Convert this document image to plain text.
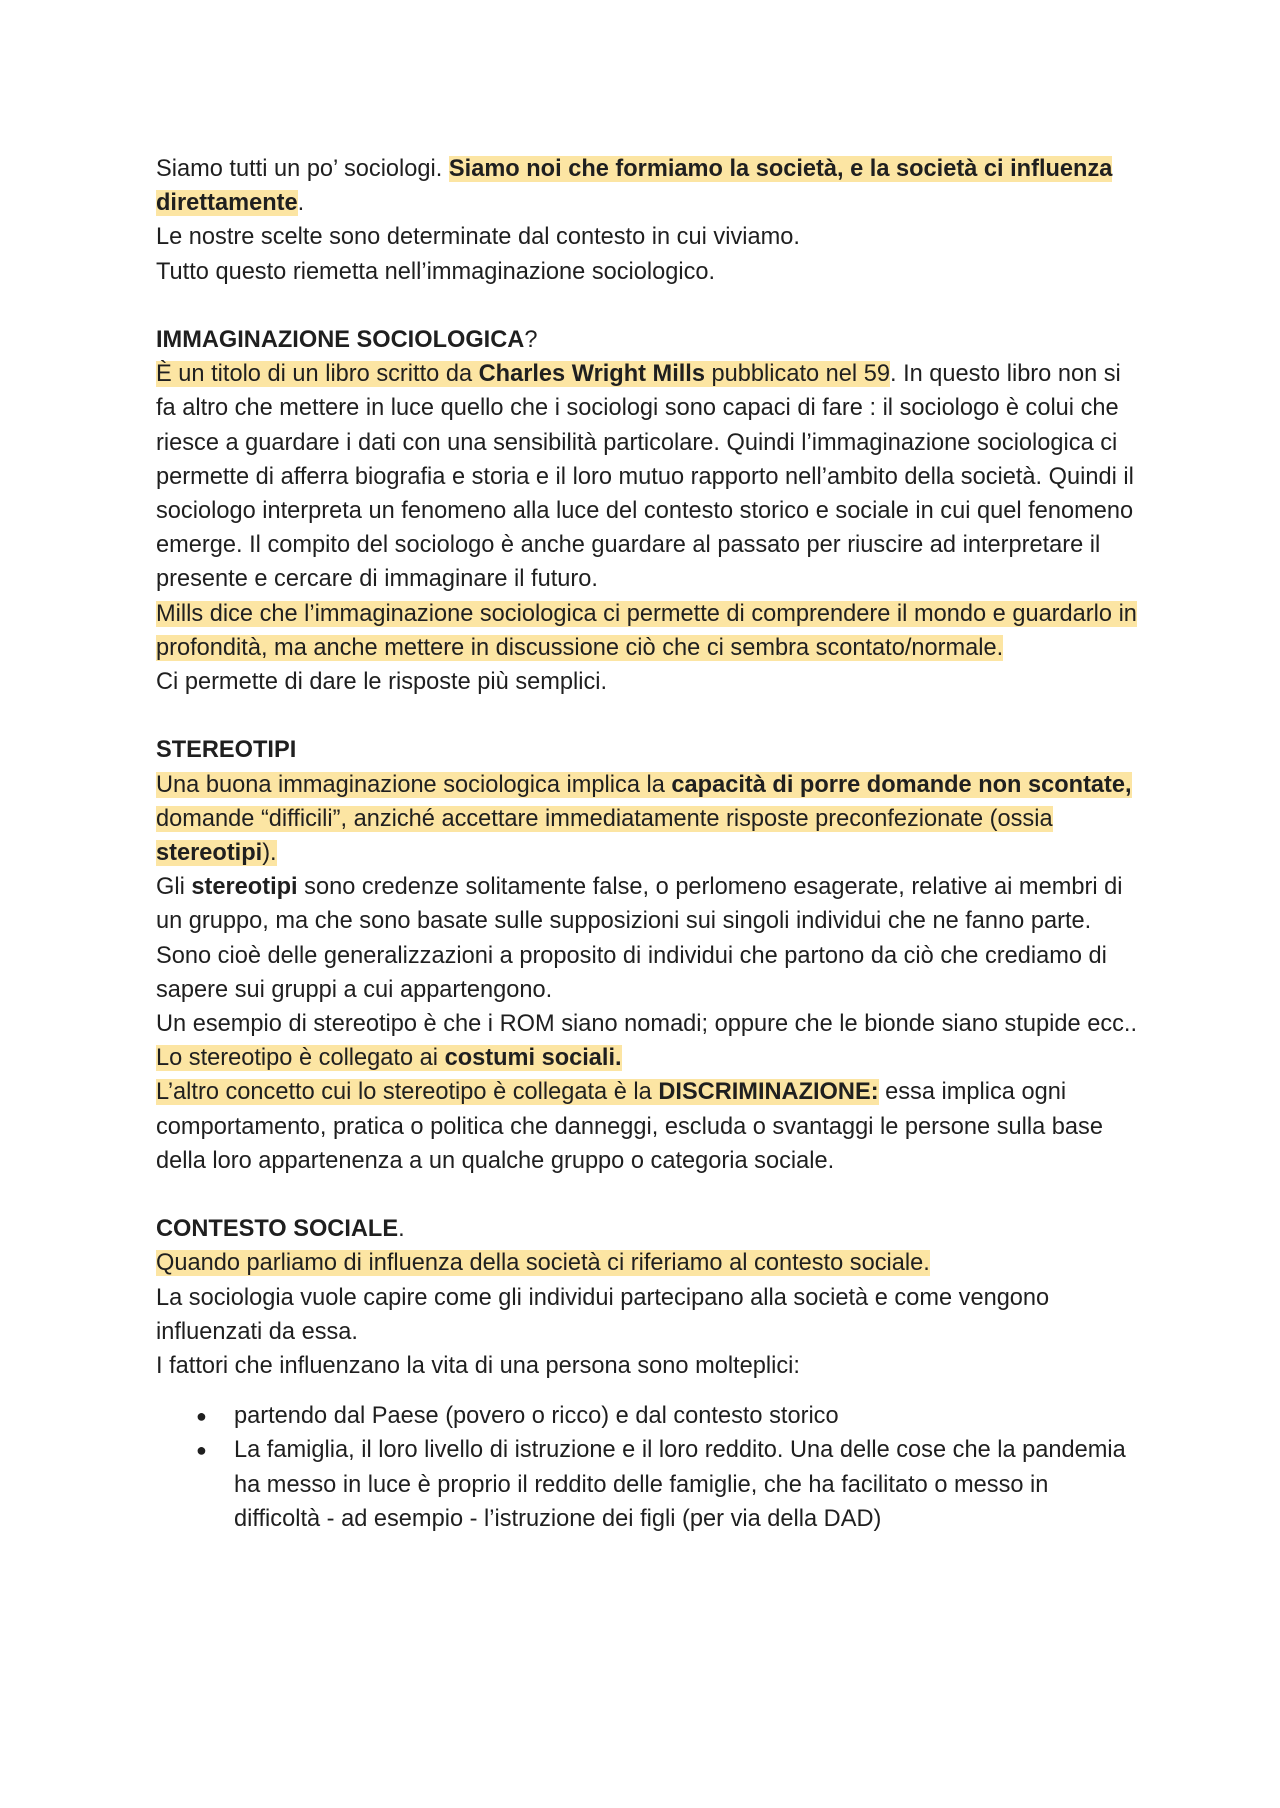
Siamo tutti un po’ sociologi. Siamo noi che formiamo la società, e la società ci influenza direttamente.

Le nostre scelte sono determinate dal contesto in cui viviamo.

Tutto questo riemetta nell’immaginazione sociologico.

IMMAGINAZIONE SOCIOLOGICA?

È un titolo di un libro scritto da Charles Wright Mills pubblicato nel 59. In questo libro non si fa altro che mettere in luce quello che i sociologi sono capaci di fare : il sociologo è colui che riesce a guardare i dati con una sensibilità particolare. Quindi l’immaginazione sociologica ci permette di afferra biografia e storia e il loro mutuo rapporto nell’ambito della società. Quindi il sociologo interpreta un fenomeno alla luce del contesto storico e sociale in cui quel fenomeno emerge. Il compito del sociologo è anche guardare al passato per riuscire ad interpretare il presente e cercare di immaginare il futuro.

Mills dice che l’immaginazione sociologica ci permette di comprendere il mondo e guardarlo in profondità, ma anche mettere in discussione ciò che ci sembra scontato/normale.

Ci permette di dare le risposte più semplici.

STEREOTIPI

Una buona immaginazione sociologica implica la capacità di porre domande non scontate, domande “difficili”, anziché accettare immediatamente risposte preconfezionate (ossia stereotipi).

Gli stereotipi sono credenze solitamente false, o perlomeno esagerate, relative ai membri di un gruppo, ma che sono basate sulle supposizioni sui singoli individui che ne fanno parte. Sono cioè delle generalizzazioni a proposito di individui che partono da ciò che crediamo di sapere sui gruppi a cui appartengono.

Un esempio di stereotipo è che i ROM siano nomadi; oppure che le bionde siano stupide ecc..

Lo stereotipo è collegato ai costumi sociali.

L’altro concetto cui lo stereotipo è collegata è la DISCRIMINAZIONE: essa implica ogni comportamento, pratica o politica che danneggi, escluda o svantaggi le persone sulla base della loro appartenenza a un qualche gruppo o categoria sociale.

CONTESTO SOCIALE.

Quando parliamo di influenza della società ci riferiamo al contesto sociale.

La sociologia vuole capire come gli individui partecipano alla società e come vengono influenzati da essa.

I fattori che influenzano la vita di una persona sono molteplici:

● partendo dal Paese (povero o ricco) e dal contesto storico
● La famiglia, il loro livello di istruzione e il loro reddito. Una delle cose che la pandemia ha messo in luce è proprio il reddito delle famiglie, che ha facilitato o messo in difficoltà - ad esempio - l’istruzione dei figli (per via della DAD)
